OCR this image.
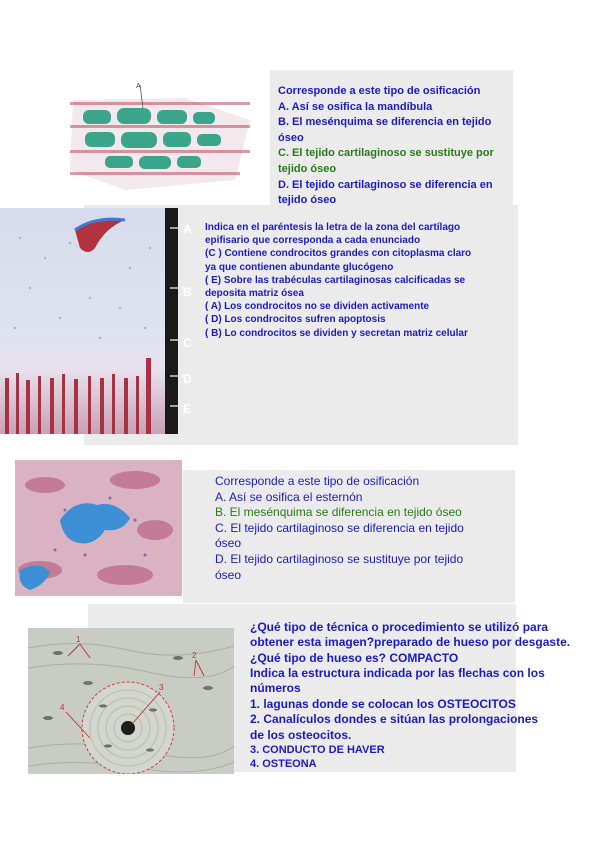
A	Corresponde a este tipo de osificación
A. Así se osifica la mandíbula
B. El mesénquima se diferencia en tejido
óseo
C. El tejido cartilaginoso se sustituye por
tejido óseo
D. El tejido cartilaginoso se diferencia en
tejido óseo
A
B
C
D
E
Indica en el paréntesis la letra de la zona del cartílago
epifisario que corresponda a cada enunciado
(C ) Contiene condrocitos grandes con citoplasma claro
ya que contienen abundante glucógeno
( E) Sobre las trabéculas cartilaginosas calcificadas se
deposita matriz ósea
( A) Los condrocitos no se dividen activamente
( D) Los condrocitos sufren apoptosis
( B) Lo condrocitos se dividen y secretan matriz celular
Corresponde a este tipo de osificación
A. Así se osifica el esternón
B. El mesénquima se diferencia en tejido óseo
C. El tejido cartilaginoso se diferencia en tejido
óseo
D. El tejido cartilaginoso se sustituye por tejido
óseo
1
2
3
4
¿Qué tipo de técnica o procedimiento se utilizó para
obtener esta imagen?preparado de hueso por desgaste.
¿Qué tipo de hueso es? COMPACTO
Indica la estructura indicada por las flechas con los
números
1. lagunas donde se colocan los OSTEOCITOS
2. Canalículos dondes e sitúan las prolongaciones
de los osteocitos.
3. CONDUCTO DE HAVER
4. OSTEONA
